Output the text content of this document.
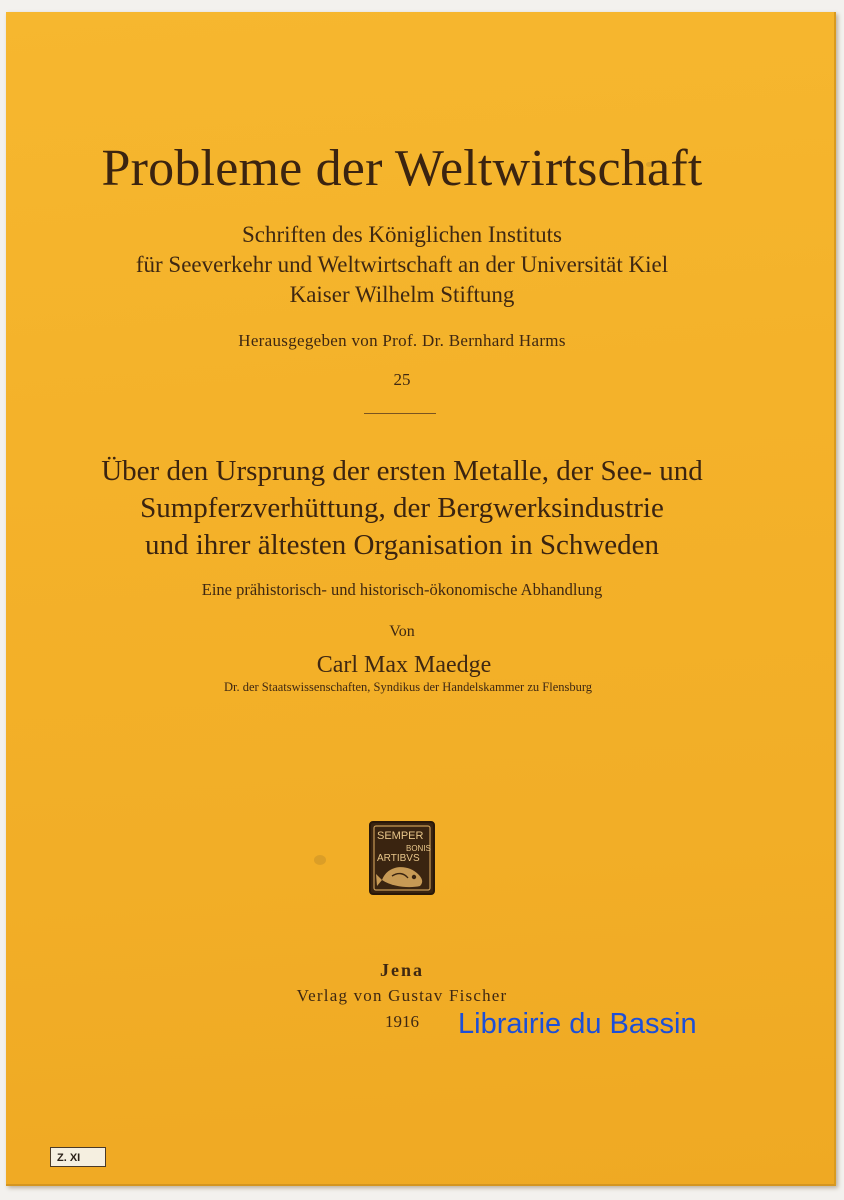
Probleme der Weltwirtschaft
Schriften des Königlichen Instituts
für Seeverkehr und Weltwirtschaft an der Universität Kiel
Kaiser Wilhelm Stiftung
Herausgegeben von Prof. Dr. Bernhard Harms
25
Über den Ursprung der ersten Metalle, der See- und
Sumpferzverhüttung, der Bergwerksindustrie
und ihrer ältesten Organisation in Schweden
Eine prähistorisch- und historisch-ökonomische Abhandlung
Von
Carl Max Maedge
Dr. der Staatswissenschaften, Syndikus der Handelskammer zu Flensburg
SEMPER
BONIS
ARTIBVS
Jena
Verlag von Gustav Fischer
1916	Librairie du Bassin
Z. XI
